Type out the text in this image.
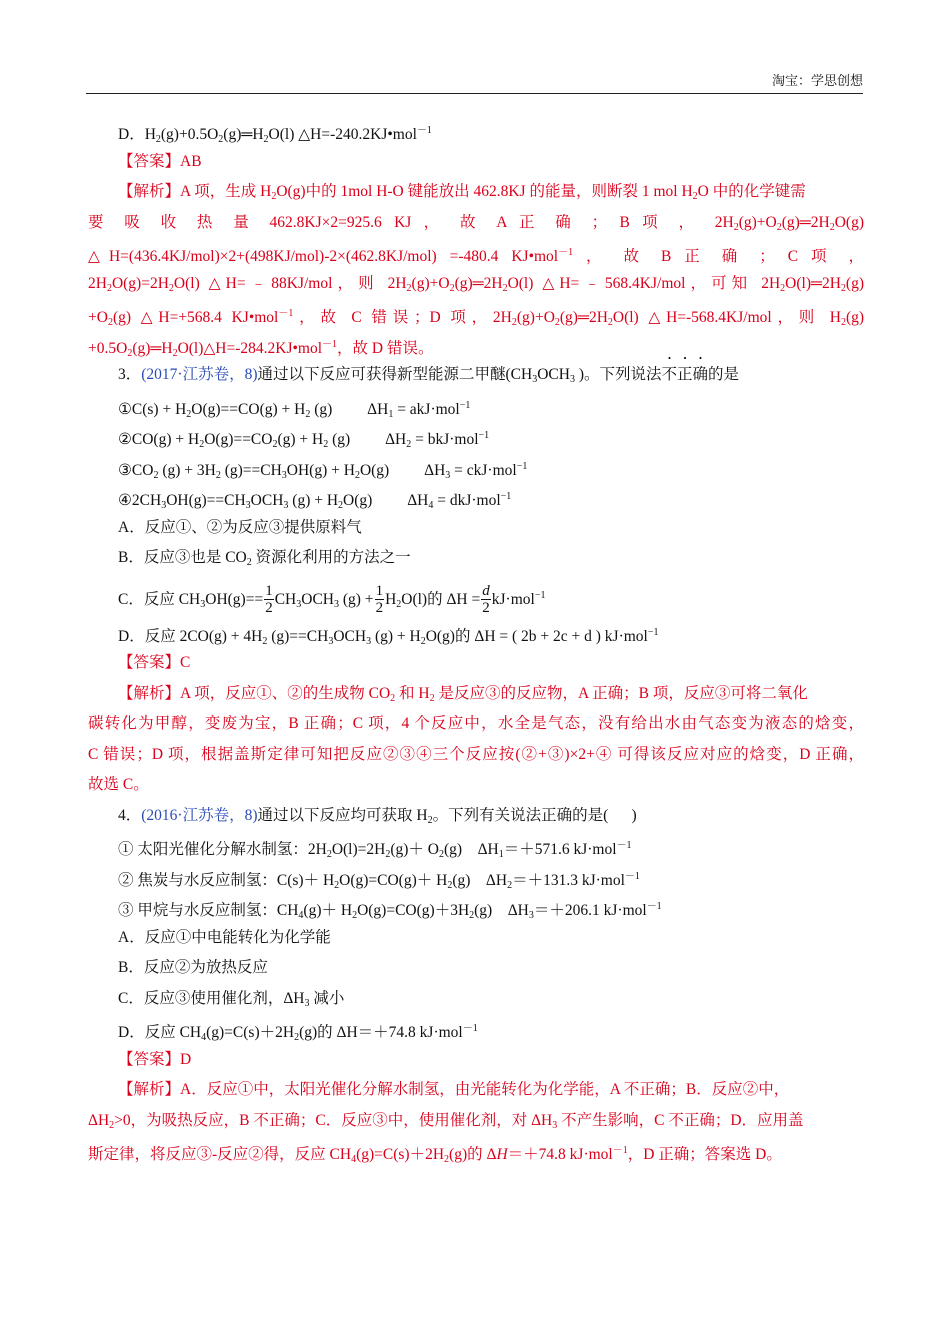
淘宝：学思创想
D．$H_2(g)+0.5O_2(g)═H_2O(l)$ △H=-240.2KJ•mol$^{-1}$
【答案】AB
【解析】A 项，生成 $H_2O(g)$中的 1mol H-O 键能放出 462.8KJ 的能量，则断裂 1 mol $H_2O$ 中的化学键需
要 吸 收 热 量 462.8KJ×2=925.6 KJ ， 故 A 正 确 ； B 项 ， $2H_2(g)+O_2(g)═2H_2O(g)$
△H=(436.4KJ/mol)×2+(498KJ/mol)-2×(462.8KJ/mol) =-480.4 KJ•mol$^{-1}$ ， 故 B 正 确 ； C 项 ，
$2H_2O(g)=2H_2O(l)$ △H=﹣88KJ/mol，则 $2H_2(g)+O_2(g)═2H_2O(l)$ △H=﹣568.4KJ/mol，可知 $2H_2O(l)═2H_2(g)$
$+O_2(g)$ △H=+568.4 KJ•mol$^{-1}$，故 C 错误；D 项，$2H_2(g)+O_2(g)═2H_2O(l)$ △H=-568.4KJ/mol，则 $H_2(g)$
$+0.5O_2(g)═H_2O(l)\triangle H=-284.2KJ•mol^{-1}$，故 D 错误。
3．(2017·江苏卷，8)通过以下反应可获得新型能源二甲醚($CH_3OCH_3$ )。下列说法不正确的是
①C(s) + $H_2O(g)==CO(g) + H_2$ (g)         $\Delta H_1 = akJ\cdot mol^{-1}$
②CO(g) + $H_2O(g)==CO_2(g) + H_2$ (g)         $\Delta H_2 = bkJ\cdot mol^{-1}$
$③CO_2$ $(g) + 3H_2$ $(g)==CH_3OH(g) + H_2O(g)$         $\Delta H_3 = ckJ\cdot mol^{-1}$
$④2CH_3OH(g)==CH_3OCH_3$ $(g) + H_2O(g)$         $\Delta H_4 = dkJ\cdot mol^{-1}$
A．反应①、②为反应③提供原料气
B．反应③也是 $CO_2$ 资源化利用的方法之一
C．反应 $CH_3OH(g)== \frac{1}{2} CH_3OCH_3$ $(g) + \frac{1}{2} H_2O(l)$的 $\Delta H = \frac{d}{2} kJ\cdot mol^{-1}$
D．反应 $2CO(g) + 4H_2$ $(g)==CH_3OCH_3$ $(g) + H_2O(g)$的 ΔH = ( 2b + 2c + d ) kJ·mol$^{-1}$
【答案】C
【解析】A 项，反应①、②的生成物 $CO_2$ 和 $H_2$ 是反应③的反应物，A 正确；B 项，反应③可将二氧化
碳转化为甲醇，变废为宝，B 正确；C 项，4 个反应中，水全是气态，没有给出水由气态变为液态的焓变，
C 错误；D 项，根据盖斯定律可知把反应②③④三个反应按(②+③)×2+④ 可得该反应对应的焓变，D 正确，
故选 C。
4．(2016·江苏卷，8)通过以下反应均可获取 $H_2$。下列有关说法正确的是(      )
① 太阳光催化分解水制氢：$2H_2O(l)=2H_2(g)+ O_2(g)$    $\Delta H_1=+571.6$ kJ·mol$^{-1}$
② 焦炭与水反应制氢：$C(s)+ H_2O(g)=CO(g)+ H_2(g)$    $\Delta H_2=+131.3$ kJ·mol$^{-1}$
③ 甲烷与水反应制氢：$CH_4(g)+ H_2O(g)=CO(g)+3H_2(g)$    $\Delta H_3=+206.1$ kJ·mol$^{-1}$
A．反应①中电能转化为化学能
B．反应②为放热反应
C．反应③使用催化剂，$\Delta H_3$ 减小
D．反应 $CH_4(g)=C(s)+2H_2(g)$的 ΔH＝＋74.8 kJ·mol$^{-1}$
【答案】D
【解析】A．反应①中，太阳光催化分解水制氢，由光能转化为化学能，A 不正确；B．反应②中，
$\Delta H_2>0$，为吸热反应，B 不正确；C．反应③中，使用催化剂，对 $\Delta H_3$ 不产生影响，C 不正确；D．应用盖
斯定律，将反应③-反应②得，反应 $CH_4(g)=C(s)+2H_2(g)$的 ΔH＝＋74.8 kJ·mol$^{-1}$，D 正确；答案选 D。
